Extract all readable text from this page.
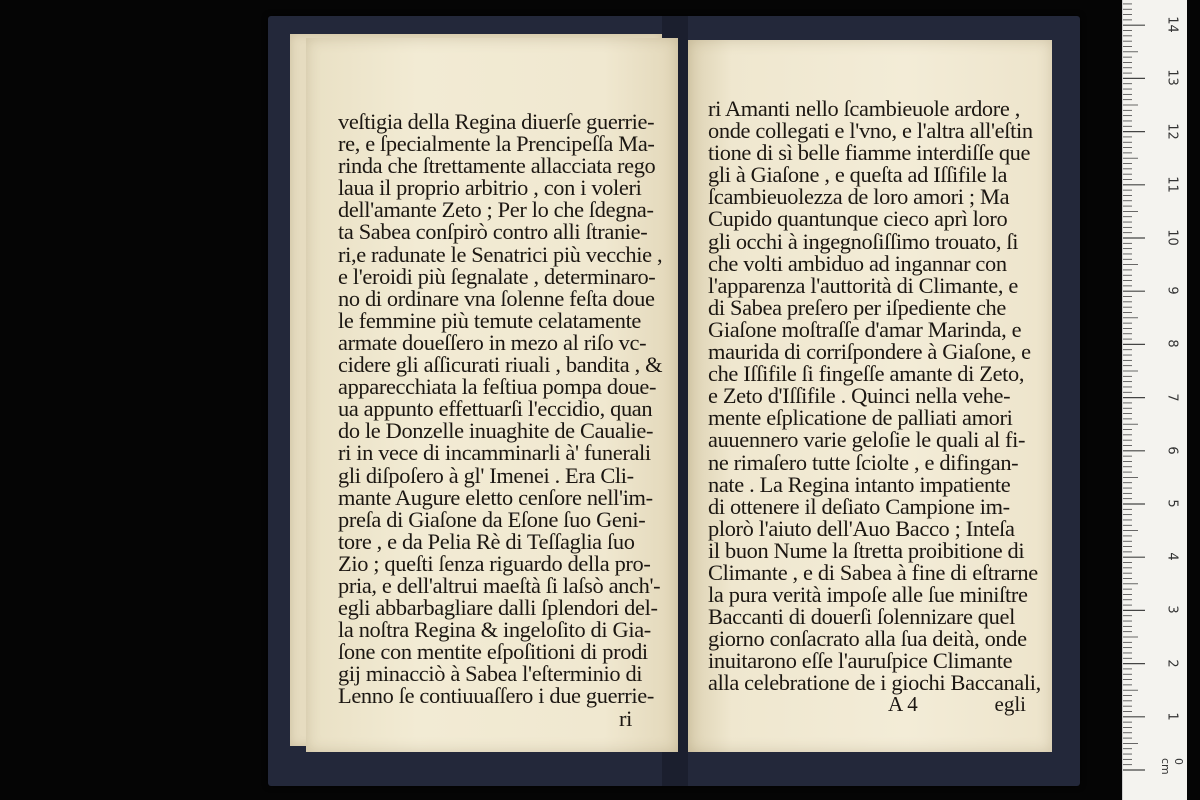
veſtigia della Regina diuerſe guerrie-
re, e ſpecialmente la Prencipeſſa Ma-
rinda che ſtrettamente allacciata rego
laua il proprio arbitrio , con i voleri
dell'amante Zeto ; Per lo che ſdegna-
ta Sabea conſpirò contro alli ſtranie-
ri,e radunate le Senatrici più vecchie ,
e l'eroidi più ſegnalate , determinaro-
no di ordinare vna ſolenne feſta doue
le femmine più temute celatamente
armate doueſſero in mezo al riſo vc-
cidere gli aſſicurati riuali , bandita , &
apparecchiata la feſtiua pompa doue-
ua appunto effettuarſi l'eccidio, quan
do le Donzelle inuaghite de Caualie-
ri in vece di incamminarli à' funerali
gli diſpoſero à gl' Imenei . Era Cli-
mante Augure eletto cenſore nell'im-
preſa di Giaſone da Eſone ſuo Geni-
tore , e da Pelia Rè di Teſſaglia ſuo
Zio ; queſti ſenza riguardo della pro-
pria, e dell'altrui maeſtà ſi laſsò anch'-
egli abbarbagliare dalli ſplendori del-
la noſtra Regina & ingeloſito di Gia-
ſone con mentite eſpoſitioni di prodi
gij minacciò à Sabea l'eſterminio di
Lenno ſe contiuuaſſero i due guerrie-
ri
ri Amanti nello ſcambieuole ardore ,
onde collegati e l'vno, e l'altra all'eſtin
tione di sì belle fiamme interdiſſe que
gli à Giaſone , e queſta ad Iſſifile la
ſcambieuolezza de loro amori ; Ma
Cupido quantunque cieco aprì loro
gli occhi à ingegnoſiſſimo trouato, ſi
che volti ambiduo ad ingannar con
l'apparenza l'auttorità di Climante, e
di Sabea preſero per iſpediente che
Giaſone moſtraſſe d'amar Marinda, e
maurida di corriſpondere à Giaſone, e
che Iſſifile ſi fingeſſe amante di Zeto,
e Zeto d'Iſſifile . Quinci nella vehe-
mente eſplicatione de palliati amori
auuennero varie geloſie le quali al fi-
ne rimaſero tutte ſciolte , e difingan-
nate . La Regina intanto impatiente
di ottenere il deſiato Campione im-
plorò l'aiuto dell'Auo Bacco ; Inteſa
il buon Nume la ſtretta proibitione di
Climante , e di Sabea à fine di eſtrarne
la pura verità impoſe alle ſue miniſtre
Baccanti di douerſi ſolennizare quel
giorno conſacrato alla ſua deità, onde
inuitarono eſſe l'auruſpice Climante
alla celebratione de i giochi Baccanali,
A 4	egli
14
13
12
11
10
9
8
7
6
5
4
3
2
1
0 cm
